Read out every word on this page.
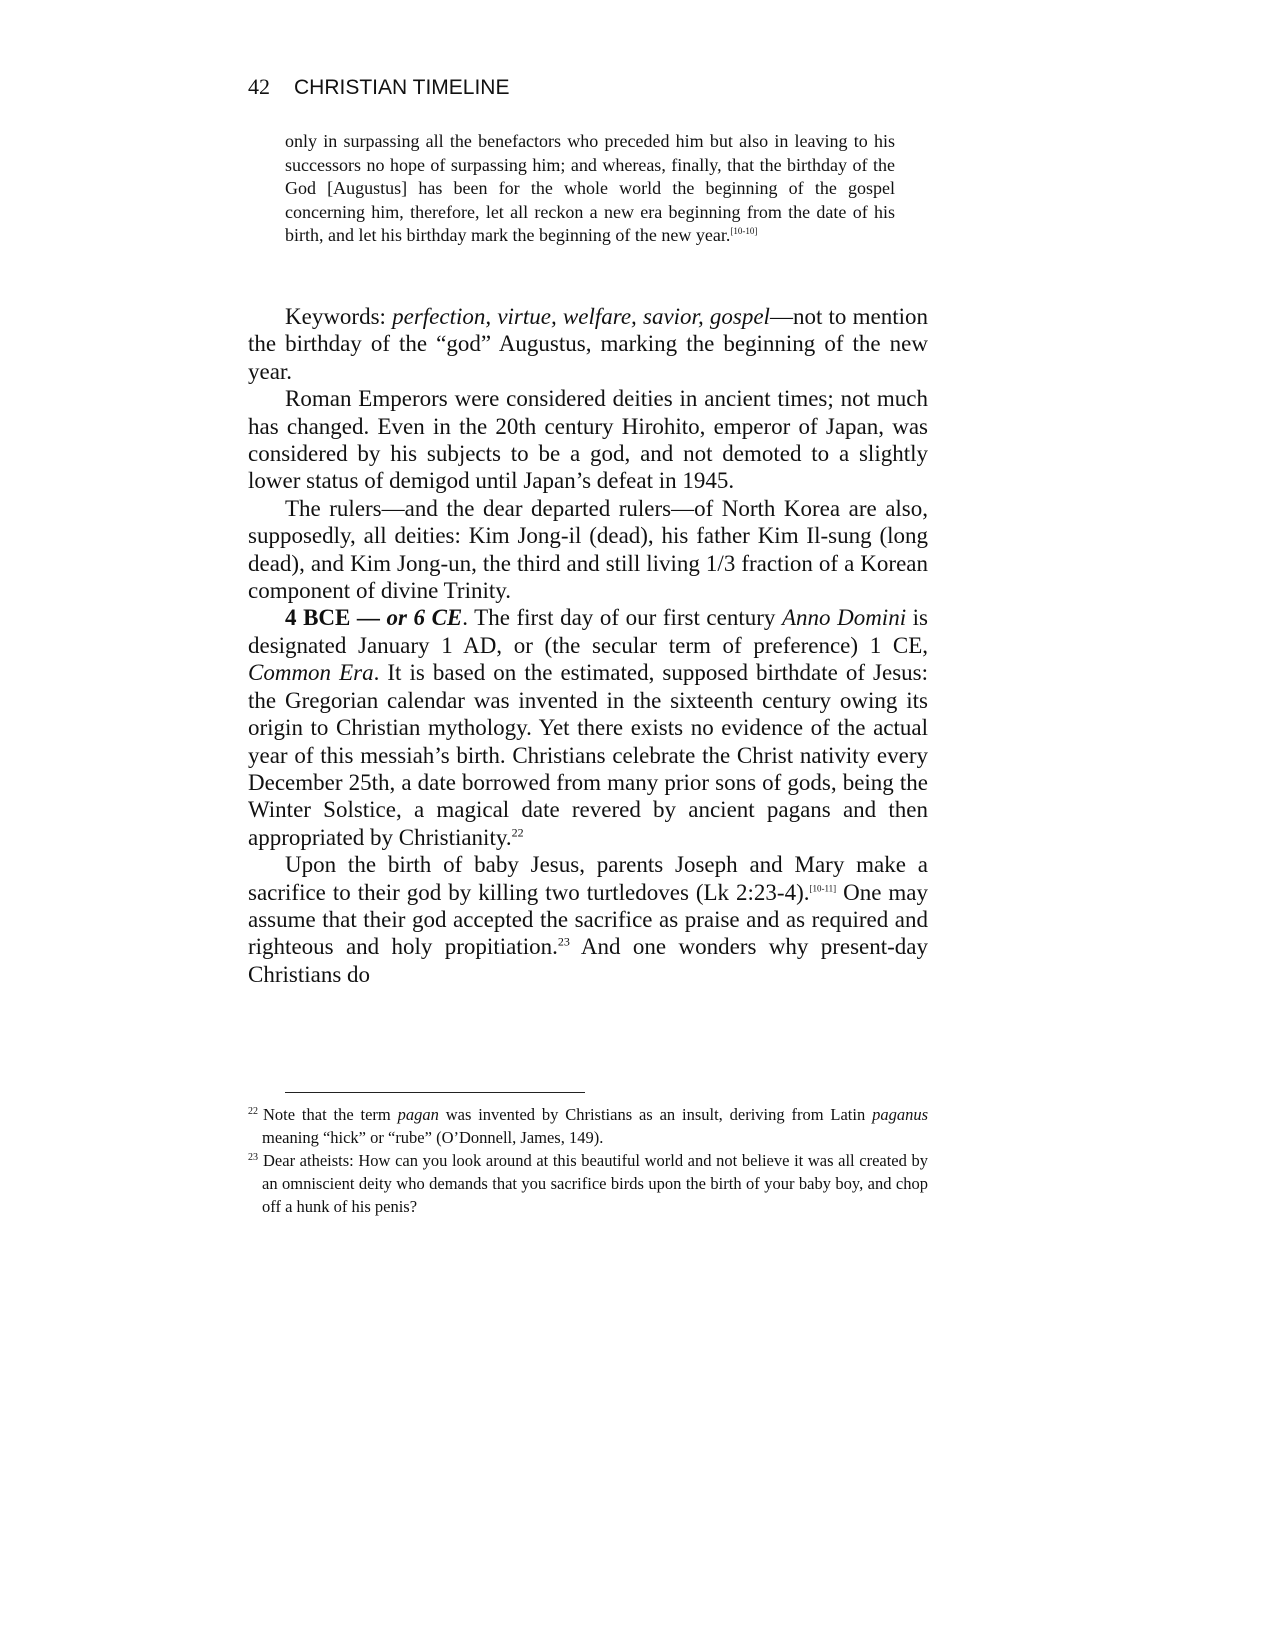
42 CHRISTIAN TIMELINE
only in surpassing all the benefactors who preceded him but also in leaving to his successors no hope of surpassing him; and whereas, finally, that the birthday of the God [Augustus] has been for the whole world the beginning of the gospel concerning him, therefore, let all reckon a new era beginning from the date of his birth, and let his birthday mark the beginning of the new year.[10-10]

Keywords: perfection, virtue, welfare, savior, gospel—not to mention the birthday of the “god” Augustus, marking the beginning of the new year.

Roman Emperors were considered deities in ancient times; not much has changed. Even in the 20th century Hirohito, emperor of Japan, was considered by his subjects to be a god, and not demoted to a slightly lower status of demigod until Japan’s defeat in 1945.

The rulers—and the dear departed rulers—of North Korea are also, supposedly, all deities: Kim Jong-il (dead), his father Kim Il-sung (long dead), and Kim Jong-un, the third and still living 1/3 fraction of a Korean component of divine Trinity.

4 BCE — or 6 CE. The first day of our first century Anno Domini is designated January 1 AD, or (the secular term of preference) 1 CE, Common Era. It is based on the estimated, supposed birthdate of Jesus: the Gregorian calendar was invented in the sixteenth century owing its origin to Christian mythology. Yet there exists no evidence of the actual year of this messiah’s birth. Christians celebrate the Christ nativity every December 25th, a date borrowed from many prior sons of gods, being the Winter Solstice, a magical date revered by ancient pagans and then appropriated by Christianity.$^{22}$

Upon the birth of baby Jesus, parents Joseph and Mary make a sacrifice to their god by killing two turtledoves (Lk 2:23-4).[10-11] One may assume that their god accepted the sacrifice as praise and as required and righteous and holy propitiation.$^{23}$ And one wonders why present-day Christians do

$^{22}$ Note that the term pagan was invented by Christians as an insult, deriving from Latin paganus meaning “hick” or “rube” (O’Donnell, James, 149).

$^{23}$ Dear atheists: How can you look around at this beautiful world and not believe it was all created by an omniscient deity who demands that you sacrifice birds upon the birth of your baby boy, and chop off a hunk of his penis?
